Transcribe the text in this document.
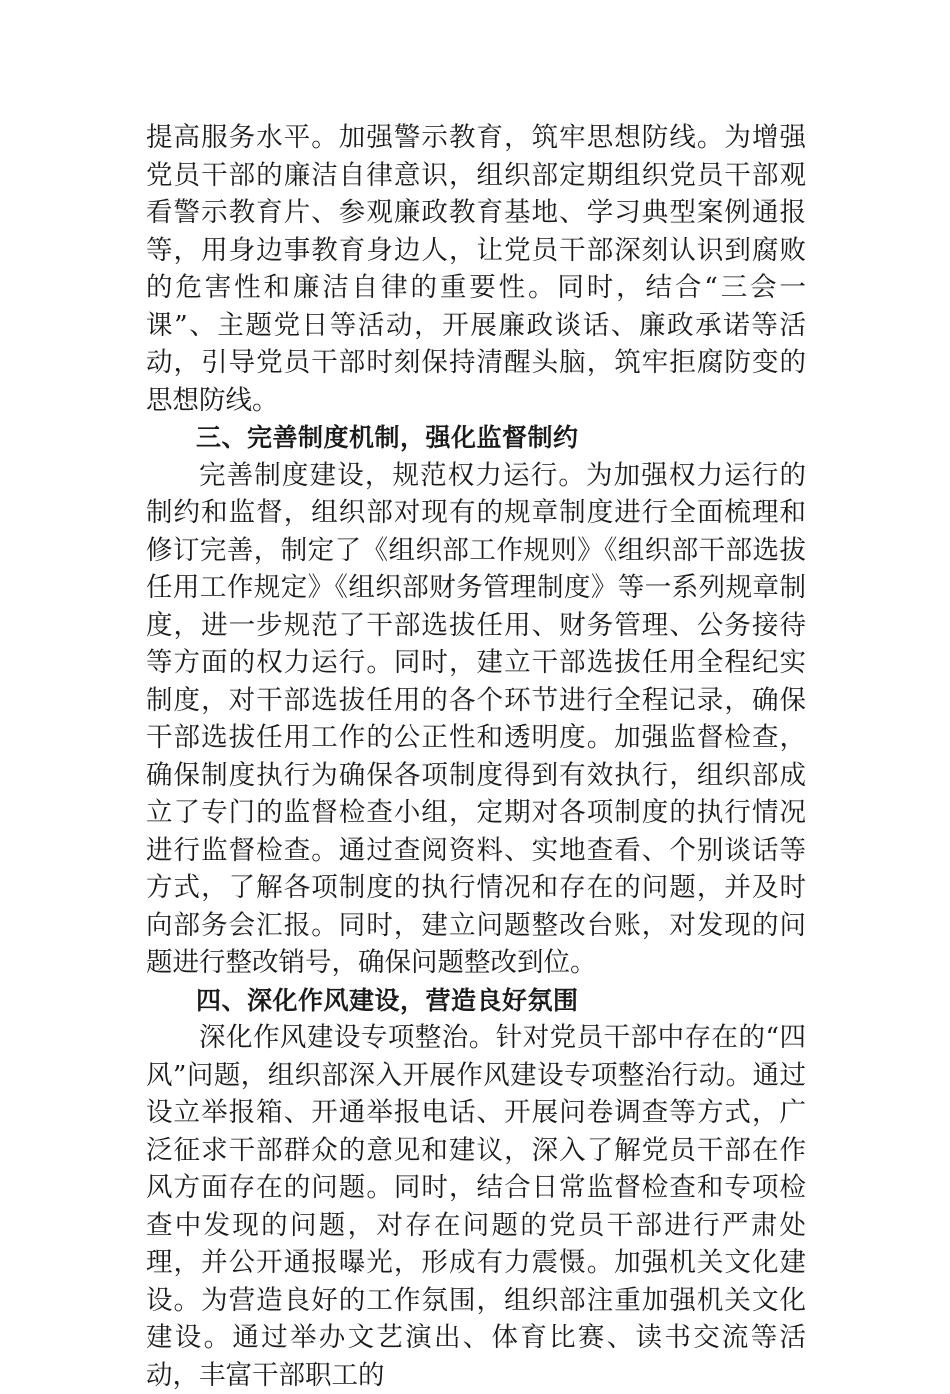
提高服务水平。加强警示教育，筑牢思想防线。为增强党员干部的廉洁自律意识，组织部定期组织党员干部观看警示教育片、参观廉政教育基地、学习典型案例通报等，用身边事教育身边人，让党员干部深刻认识到腐败的危害性和廉洁自律的重要性。同时，结合“三会一课”、主题党日等活动，开展廉政谈话、廉政承诺等活动，引导党员干部时刻保持清醒头脑，筑牢拒腐防变的思想防线。

三、完善制度机制，强化监督制约

完善制度建设，规范权力运行。为加强权力运行的制约和监督，组织部对现有的规章制度进行全面梳理和修订完善，制定了《组织部工作规则》《组织部干部选拔任用工作规定》《组织部财务管理制度》等一系列规章制度，进一步规范了干部选拔任用、财务管理、公务接待等方面的权力运行。同时，建立干部选拔任用全程纪实制度，对干部选拔任用的各个环节进行全程记录，确保干部选拔任用工作的公正性和透明度。加强监督检查，确保制度执行为确保各项制度得到有效执行，组织部成立了专门的监督检查小组，定期对各项制度的执行情况进行监督检查。通过查阅资料、实地查看、个别谈话等方式，了解各项制度的执行情况和存在的问题，并及时向部务会汇报。同时，建立问题整改台账，对发现的问题进行整改销号，确保问题整改到位。

四、深化作风建设，营造良好氛围

深化作风建设专项整治。针对党员干部中存在的“四风”问题，组织部深入开展作风建设专项整治行动。通过设立举报箱、开通举报电话、开展问卷调查等方式，广泛征求干部群众的意见和建议，深入了解党员干部在作风方面存在的问题。同时，结合日常监督检查和专项检查中发现的问题，对存在问题的党员干部进行严肃处理，并公开通报曝光，形成有力震慑。加强机关文化建设。为营造良好的工作氛围，组织部注重加强机关文化建设。通过举办文艺演出、体育比赛、读书交流等活动，丰富干部职工的
